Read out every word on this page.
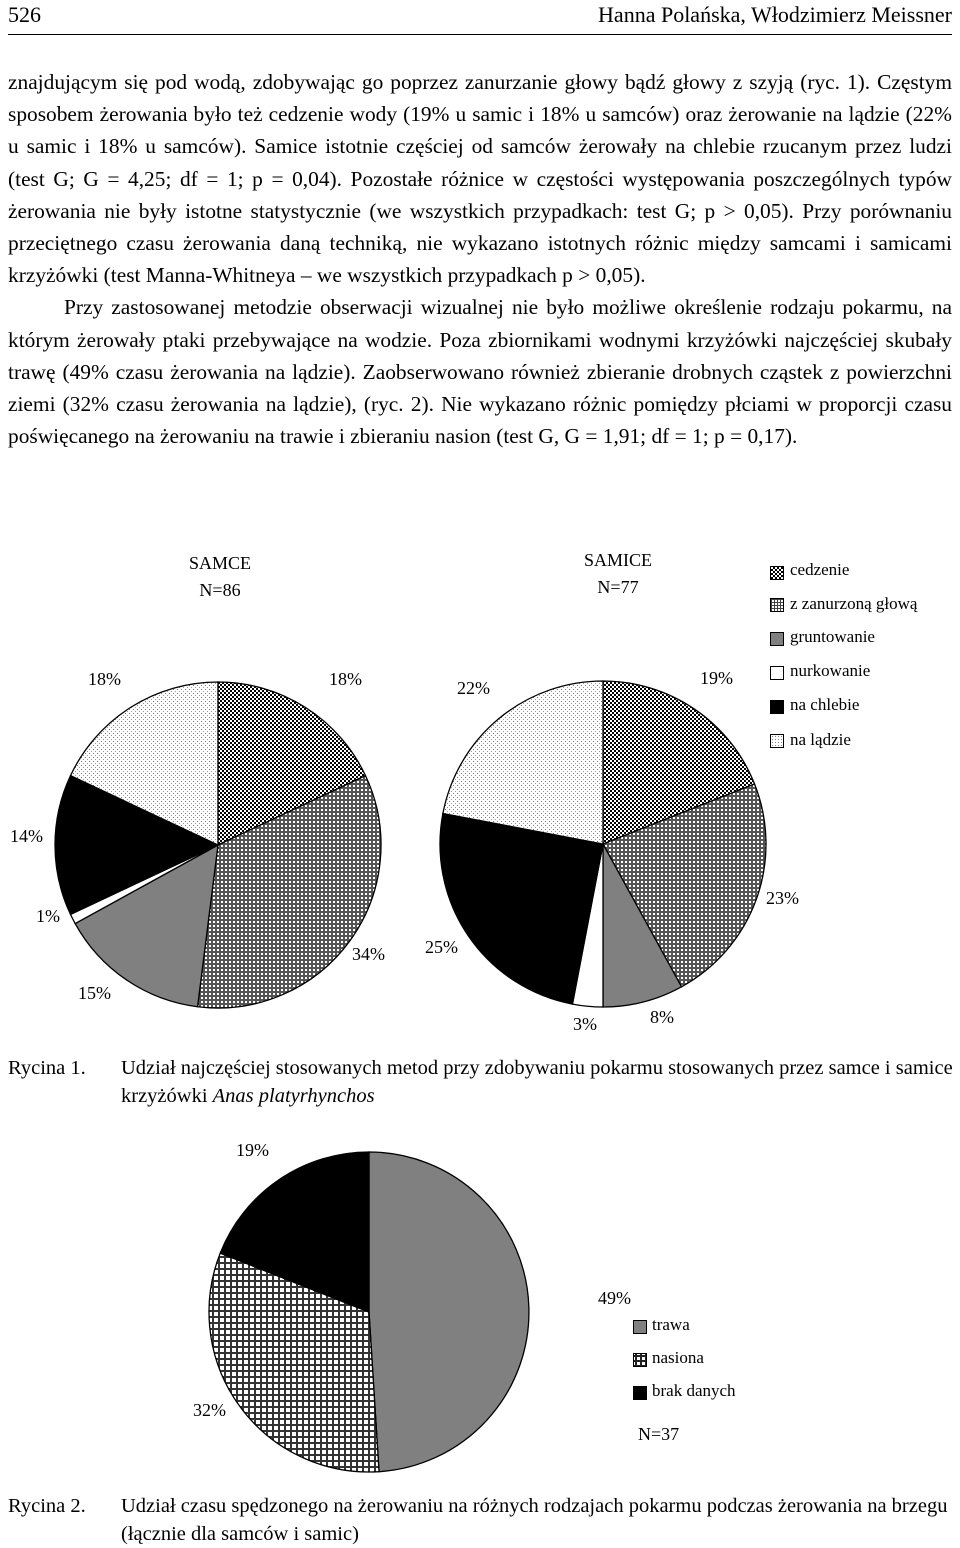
526	Hanna Polańska, Włodzimierz Meissner

znajdującym się pod wodą, zdobywając go poprzez zanurzanie głowy bądź głowy z szyją (ryc. 1). Częstym sposobem żerowania było też cedzenie wody (19% u samic i 18% u samców) oraz żerowanie na lądzie (22% u samic i 18% u samców). Samice istotnie częściej od samców żerowały na chlebie rzucanym przez ludzi (test G; G = 4,25; df = 1; p = 0,04). Pozostałe różnice w częstości występowania poszczególnych typów żerowania nie były istotne statystycznie (we wszystkich przypadkach: test G; p > 0,05). Przy porównaniu przeciętnego czasu żerowania daną techniką, nie wykazano istotnych różnic między samcami i samicami krzyżówki (test Manna-Whitneya – we wszystkich przypadkach p > 0,05).

Przy zastosowanej metodzie obserwacji wizualnej nie było możliwe określenie rodzaju pokarmu, na którym żerowały ptaki przebywające na wodzie. Poza zbiornikami wodnymi krzyżówki najczęściej skubały trawę (49% czasu żerowania na lądzie). Zaobserwowano również zbieranie drobnych cząstek z powierzchni ziemi (32% czasu żerowania na lądzie), (ryc. 2). Nie wykazano różnic pomiędzy płciami w proporcji czasu poświęcanego na żerowaniu na trawie i zbieraniu nasion (test G, G = 1,91; df = 1; p = 0,17).

SAMCE
N=86
SAMICE
N=77
18%
34%
15%
1%
14%
18%	19%
23%
8%
3%
25%
22%
cedzenie
z zanurzoną głową
gruntowanie
nurkowanie
na chlebie
na lądzie
Rycina 1. Udział najczęściej stosowanych metod przy zdobywaniu pokarmu stosowanych przez samce i samice krzyżówki Anas platyrhynchos
49%
32%
19%
trawa
nasiona
brak danych
N=37
Rycina 2. Udział czasu spędzonego na żerowaniu na różnych rodzajach pokarmu podczas żerowania na brzegu (łącznie dla samców i samic)
